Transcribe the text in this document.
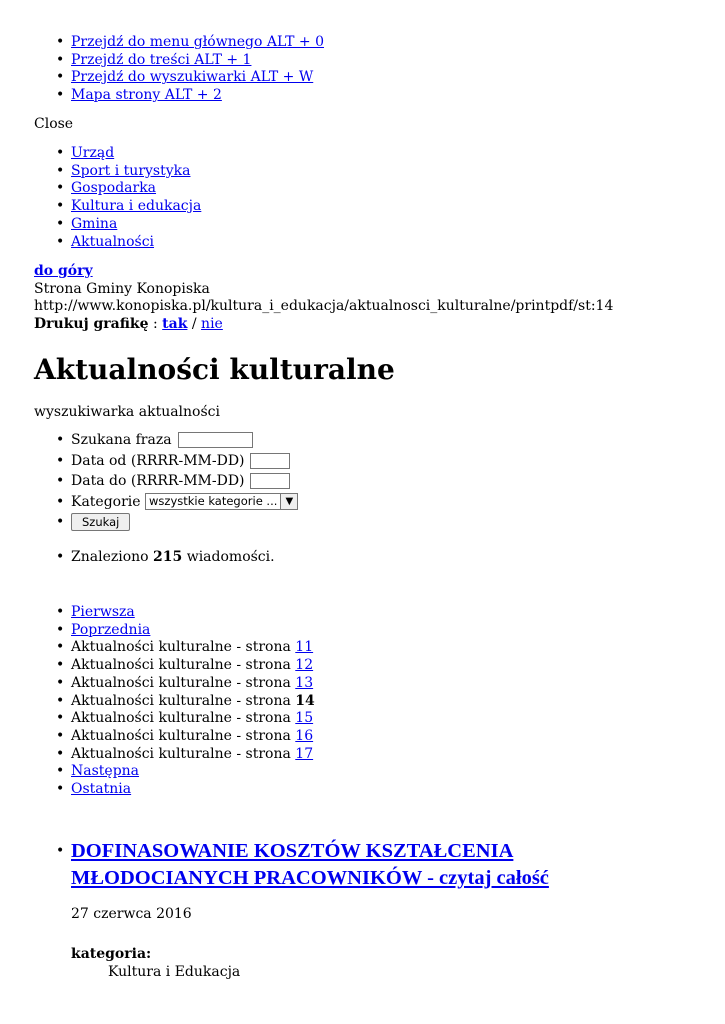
• Przejdź do menu głównego ALT + 0
• Przejdź do treści ALT + 1
• Przejdź do wyszukiwarki ALT + W
• Mapa strony ALT + 2
Close
• Urząd
• Sport i turystyka
• Gospodarka
• Kultura i edukacja
• Gmina
• Aktualności
do góry
Strona Gminy Konopiska
http://www.konopiska.pl/kultura_i_edukacja/aktualnosci_kulturalne/printpdf/st:14
Drukuj grafikę : tak / nie
Aktualności kulturalne
wyszukiwarka aktualności
• Szukana fraza
• Data od (RRRR-MM-DD)
• Data do (RRRR-MM-DD)
• Kategorie wszystkie kategorie ... ▼
• Szukaj
• Znaleziono 215 wiadomości.
• Pierwsza
• Poprzednia
• Aktualności kulturalne - strona 11
• Aktualności kulturalne - strona 12
• Aktualności kulturalne - strona 13
• Aktualności kulturalne - strona 14
• Aktualności kulturalne - strona 15
• Aktualności kulturalne - strona 16
• Aktualności kulturalne - strona 17
• Następna
• Ostatnia
• DOFINASOWANIE KOSZTÓW KSZTAŁCENIA MŁODOCIANYCH PRACOWNIKÓW - czytaj całość
27 czerwca 2016
kategoria:
Kultura i Edukacja
